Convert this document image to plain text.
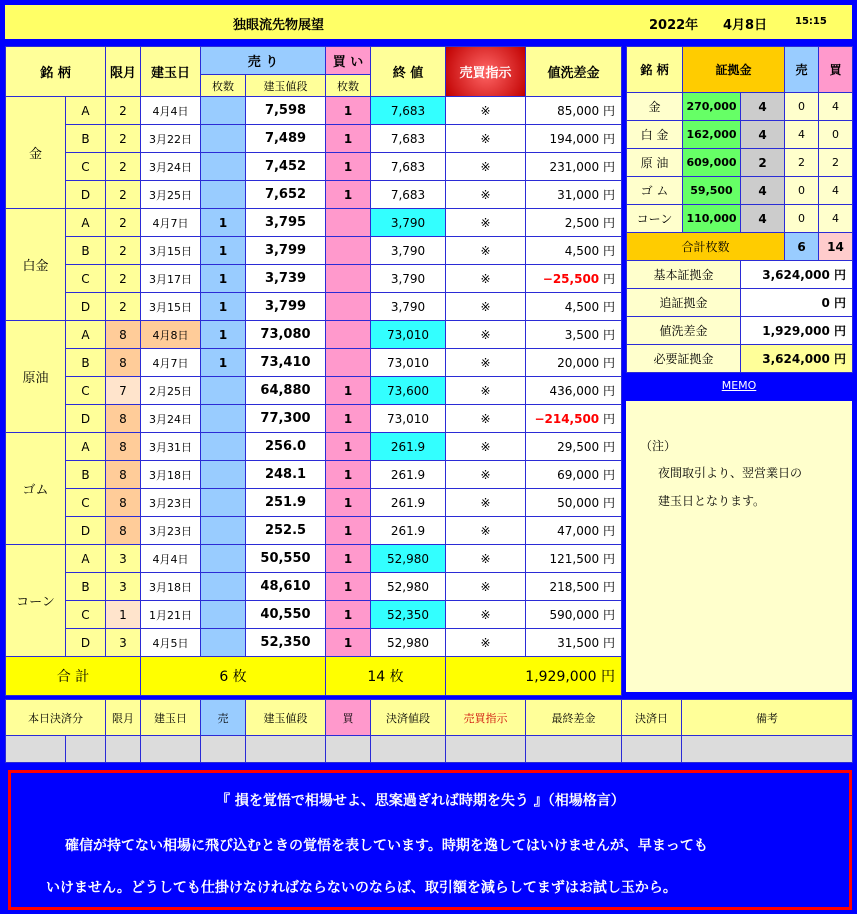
独眼流先物展望	2022年 4月8日	15:15
銘 柄		限月	建玉日	売 り		買 い	終 値	売買指示	値洗差金
				枚数	建玉値段	枚数			
金	A	2	4月4日		7,598	1	7,683	※	85,000 円
	B	2	3月22日		7,489	1	7,683	※	194,000 円
	C	2	3月24日		7,452	1	7,683	※	231,000 円
	D	2	3月25日		7,652	1	7,683	※	31,000 円
白金	A	2	4月7日	1	3,795		3,790	※	2,500 円
	B	2	3月15日	1	3,799		3,790	※	4,500 円
	C	2	3月17日	1	3,739		3,790	※	−25,500 円
	D	2	3月15日	1	3,799		3,790	※	4,500 円
原油	A	8	4月8日	1	73,080		73,010	※	3,500 円
	B	8	4月7日	1	73,410		73,010	※	20,000 円
	C	7	2月25日		64,880	1	73,600	※	436,000 円
	D	8	3月24日		77,300	1	73,010	※	−214,500 円
ゴム	A	8	3月31日		256.0	1	261.9	※	29,500 円
	B	8	3月18日		248.1	1	261.9	※	69,000 円
	C	8	3月23日		251.9	1	261.9	※	50,000 円
	D	8	3月23日		252.5	1	261.9	※	47,000 円
コーン	A	3	4月4日		50,550	1	52,980	※	121,500 円
	B	3	3月18日		48,610	1	52,980	※	218,500 円
	C	1	1月21日		40,550	1	52,350	※	590,000 円
	D	3	4月5日		52,350	1	52,980	※	31,500 円
合 計			6 枚			14 枚		1,929,000 円	
銘 柄	証拠金		売	買
金	270,000	4	0	4
白 金	162,000	4	4	0
原 油	609,000	2	2	2
ゴ ム	59,500	4	0	4
コーン	110,000	4	0	4
合計枚数			6	14
基本証拠金		3,624,000 円		
追証拠金		0 円		
値洗差金		1,929,000 円		
必要証拠金		3,624,000 円		
MEMO

（注）

夜間取引より、翌営業日の

建玉日となります。

本日決済分		限月	建玉日	売	建玉値段	買	決済値段	売買指示	最終差金	決済日	備考

『 損を覚悟で相場せよ、思案過ぎれば時期を失う 』（相場格言）

確信が持てない相場に飛び込むときの覚悟を表しています。時期を逸してはいけませんが、早まっても

いけません。どうしても仕掛けなければならないのならば、取引額を減らしてまずはお試し玉から。
